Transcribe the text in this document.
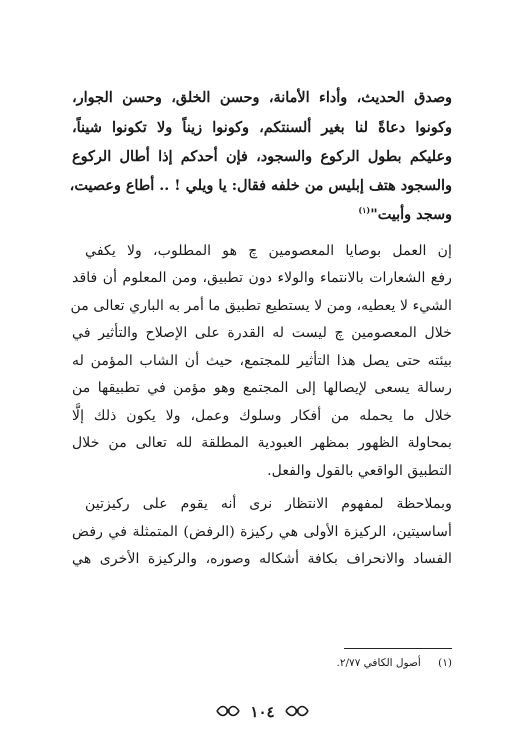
وصدق الحديث، وأداء الأمانة، وحسن الخلق، وحسن الجوار،
وكونوا دعاةً لنا بغير ألسنتكم، وكونوا زيناً ولا تكونوا شيناً،
وعليكم بطول الركوع والسجود، فإن أحدكم إذا أطال الركوع
والسجود هتف إبليس من خلفه فقال: يا ويلي ! .. أطاع وعصيت،
وسجد وأبيت"$^{(١)}$
إن العمل بوصايا المعصومين ﭺ هو المطلوب، ولا يكفي
رفع الشعارات بالانتماء والولاء دون تطبيق، ومن المعلوم أن فاقد
الشيء لا يعطيه، ومن لا يستطيع تطبيق ما أمر به الباري تعالى من
خلال المعصومين ﭺ ليست له القدرة على الإصلاح والتأثير في
بيئته حتى يصل هذا التأثير للمجتمع، حيث أن الشاب المؤمن له
رسالة يسعى لإيصالها إلى المجتمع وهو مؤمن في تطبيقها من
خلال ما يحمله من أفكار وسلوك وعمل، ولا يكون ذلك إلَّا
بمحاولة الظهور بمظهر العبودية المطلقة لله تعالى من خلال
التطبيق الواقعي بالقول والفعل.
وبملاحظة لمفهوم الانتظار نرى أنه يقوم على ركيزتين
أساسيتين، الركيزة الأولى هي ركيزة (الرفض) المتمثلة في رفض
الفساد والانحراف بكافة أشكاله وصوره، والركيزة الأخرى هي
(١) أصول الكافي ٢/٧٧.
١٠٤
